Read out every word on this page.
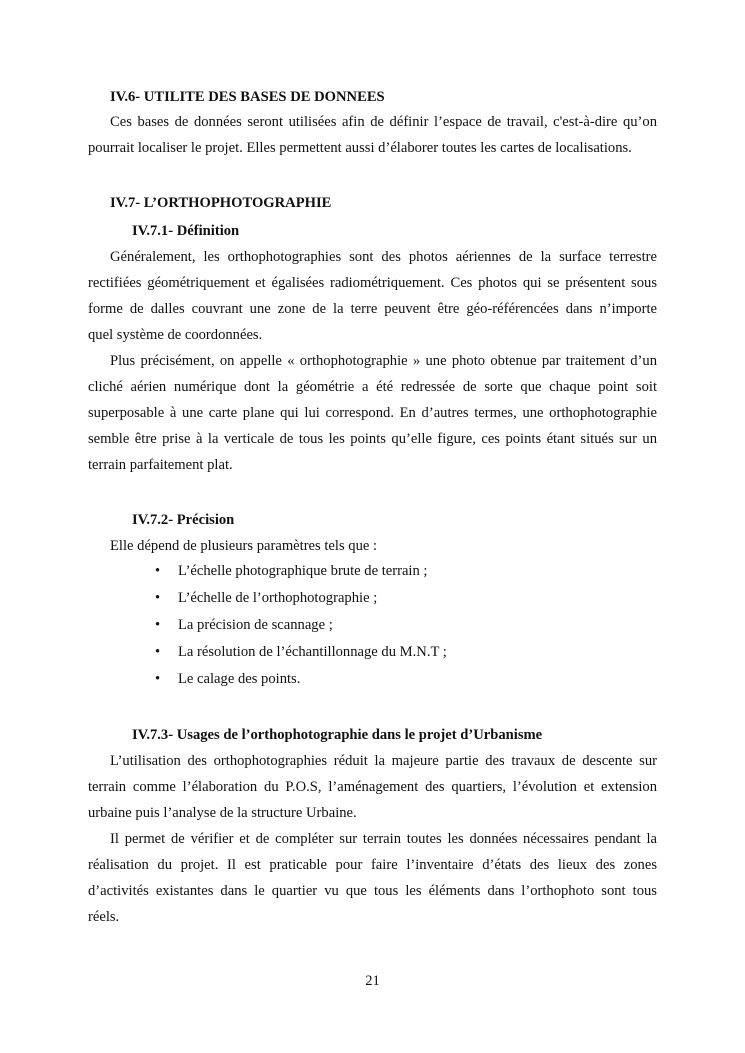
IV.6- UTILITE DES BASES DE DONNEES
Ces bases de données seront utilisées afin de définir l’espace de travail, c'est-à-dire qu’on
pourrait localiser le projet. Elles permettent aussi d’élaborer toutes les cartes de localisations.
IV.7- L’ORTHOPHOTOGRAPHIE
IV.7.1- Définition
Généralement, les orthophotographies sont des photos aériennes de la surface terrestre
rectifiées géométriquement et égalisées radiométriquement. Ces photos qui se présentent sous
forme de dalles couvrant une zone de la terre peuvent être géo-référencées dans n’importe
quel système de coordonnées.
Plus précisément, on appelle « orthophotographie » une photo obtenue par traitement d’un
cliché aérien numérique dont la géométrie a été redressée de sorte que chaque point soit
superposable à une carte plane qui lui correspond. En d’autres termes, une orthophotographie
semble être prise à la verticale de tous les points qu’elle figure, ces points étant situés sur un
terrain parfaitement plat.
IV.7.2- Précision
Elle dépend de plusieurs paramètres tels que :
•	L’échelle photographique brute de terrain ;
•	L’échelle de l’orthophotographie ;
•	La précision de scannage ;
•	La résolution de l’échantillonnage du M.N.T ;
•	Le calage des points.
IV.7.3- Usages de l’orthophotographie dans le projet d’Urbanisme
L’utilisation des orthophotographies réduit la majeure partie des travaux de descente sur
terrain comme l’élaboration du P.O.S, l’aménagement des quartiers, l’évolution et extension
urbaine puis l’analyse de la structure Urbaine.
Il permet de vérifier et de compléter sur terrain toutes les données nécessaires pendant la
réalisation du projet. Il est praticable pour faire l’inventaire d’états des lieux des zones
d’activités existantes dans le quartier vu que tous les éléments dans l’orthophoto sont tous
réels.
21
